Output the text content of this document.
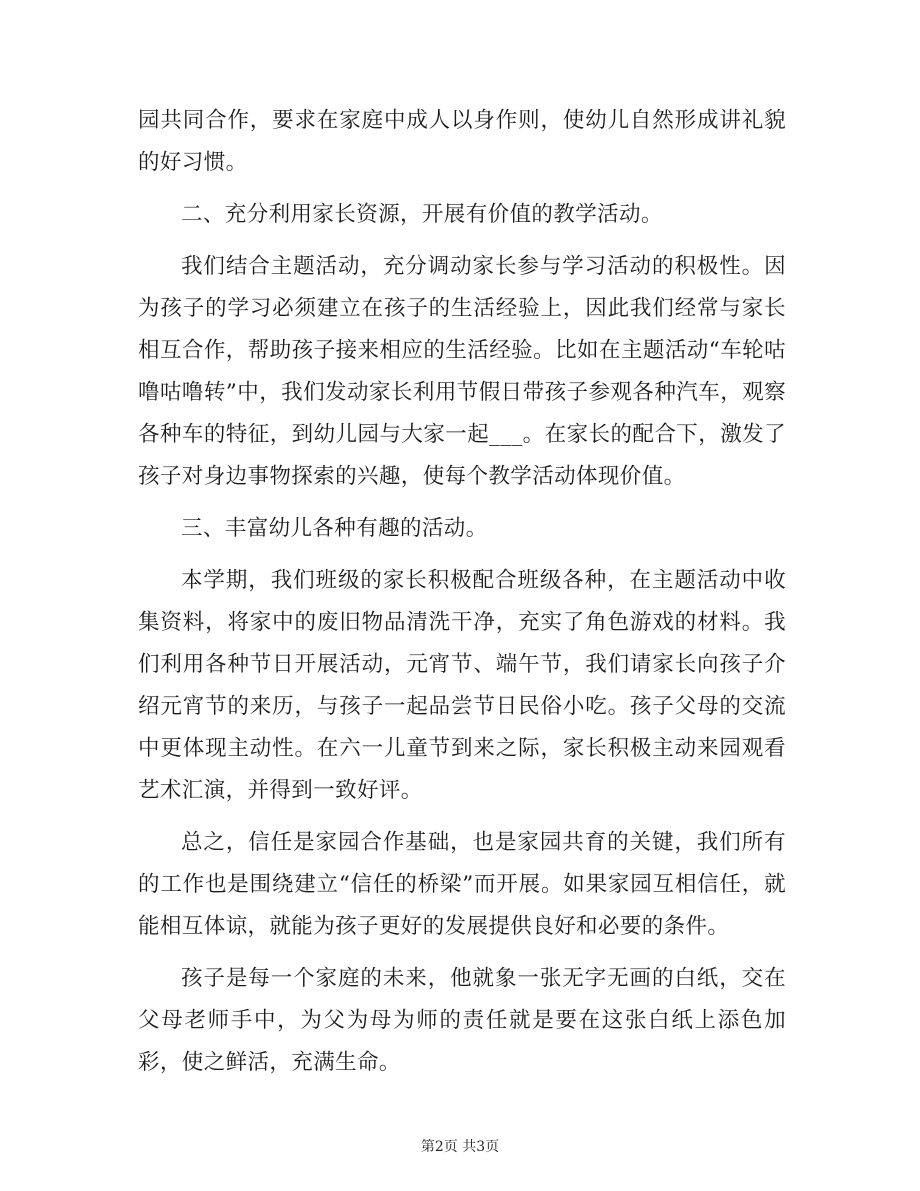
园共同合作，要求在家庭中成人以身作则，使幼儿自然形成讲礼貌的好习惯。

二、充分利用家长资源，开展有价值的教学活动。

我们结合主题活动，充分调动家长参与学习活动的积极性。因为孩子的学习必须建立在孩子的生活经验上，因此我们经常与家长相互合作，帮助孩子接来相应的生活经验。比如在主题活动“车轮咕噜咕噜转”中，我们发动家长利用节假日带孩子参观各种汽车，观察各种车的特征，到幼儿园与大家一起___。在家长的配合下，激发了孩子对身边事物探索的兴趣，使每个教学活动体现价值。

三、丰富幼儿各种有趣的活动。

本学期，我们班级的家长积极配合班级各种，在主题活动中收集资料，将家中的废旧物品清洗干净，充实了角色游戏的材料。我们利用各种节日开展活动，元宵节、端午节，我们请家长向孩子介绍元宵节的来历，与孩子一起品尝节日民俗小吃。孩子父母的交流中更体现主动性。在六一儿童节到来之际，家长积极主动来园观看艺术汇演，并得到一致好评。

总之，信任是家园合作基础，也是家园共育的关键，我们所有的工作也是围绕建立“信任的桥梁”而开展。如果家园互相信任，就能相互体谅，就能为孩子更好的发展提供良好和必要的条件。

孩子是每一个家庭的未来，他就象一张无字无画的白纸，交在父母老师手中，为父为母为师的责任就是要在这张白纸上添色加彩，使之鲜活，充满生命。

第2页 共3页
